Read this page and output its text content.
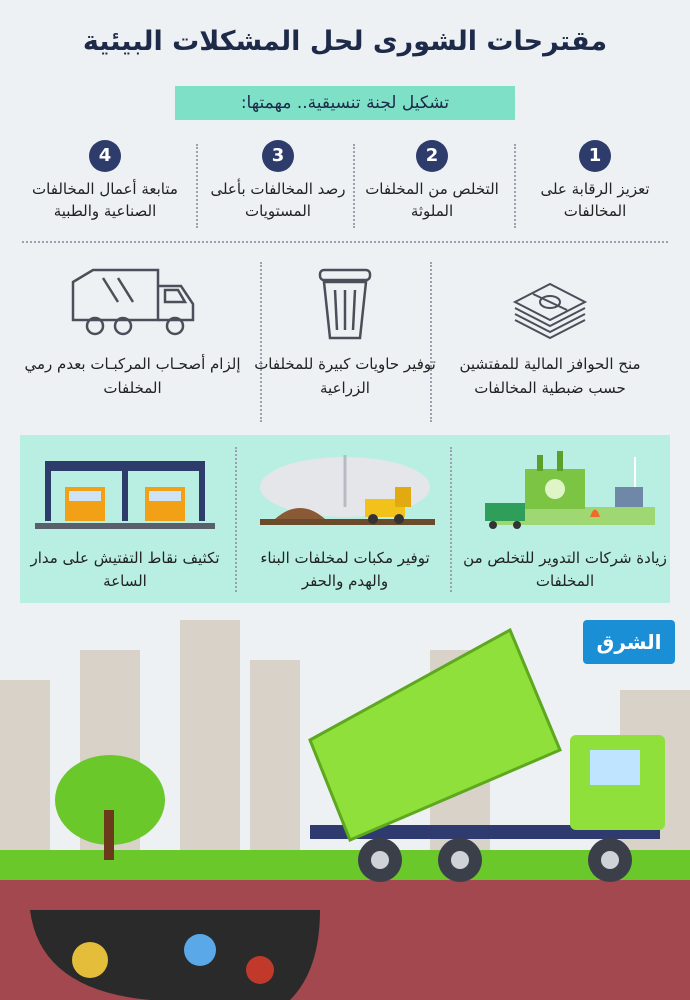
مقترحات الشورى لحل المشكلات البيئية
تشكيل لجنة تنسيقية.. مهمتها:
1
تعزيز الرقابة على المخالفات
2
التخلص من المخلفات الملوثة
3
رصد المخالفات بأعلى المستويات
4
متابعة أعمال المخالفات الصناعية والطبية
منح الحوافز المالية للمفتشين حسب ضبطية المخالفات
توفير حاويات كبيرة للمخلفات الزراعية
إلزام أصحـاب المركبـات بعدم رمي المخلفات
زيادة شركات التدوير للتخلص من المخلفات
توفير مكبات لمخلفات البناء والهدم والحفر
تكثيف نقاط التفتيش على مدار الساعة
الشرق
